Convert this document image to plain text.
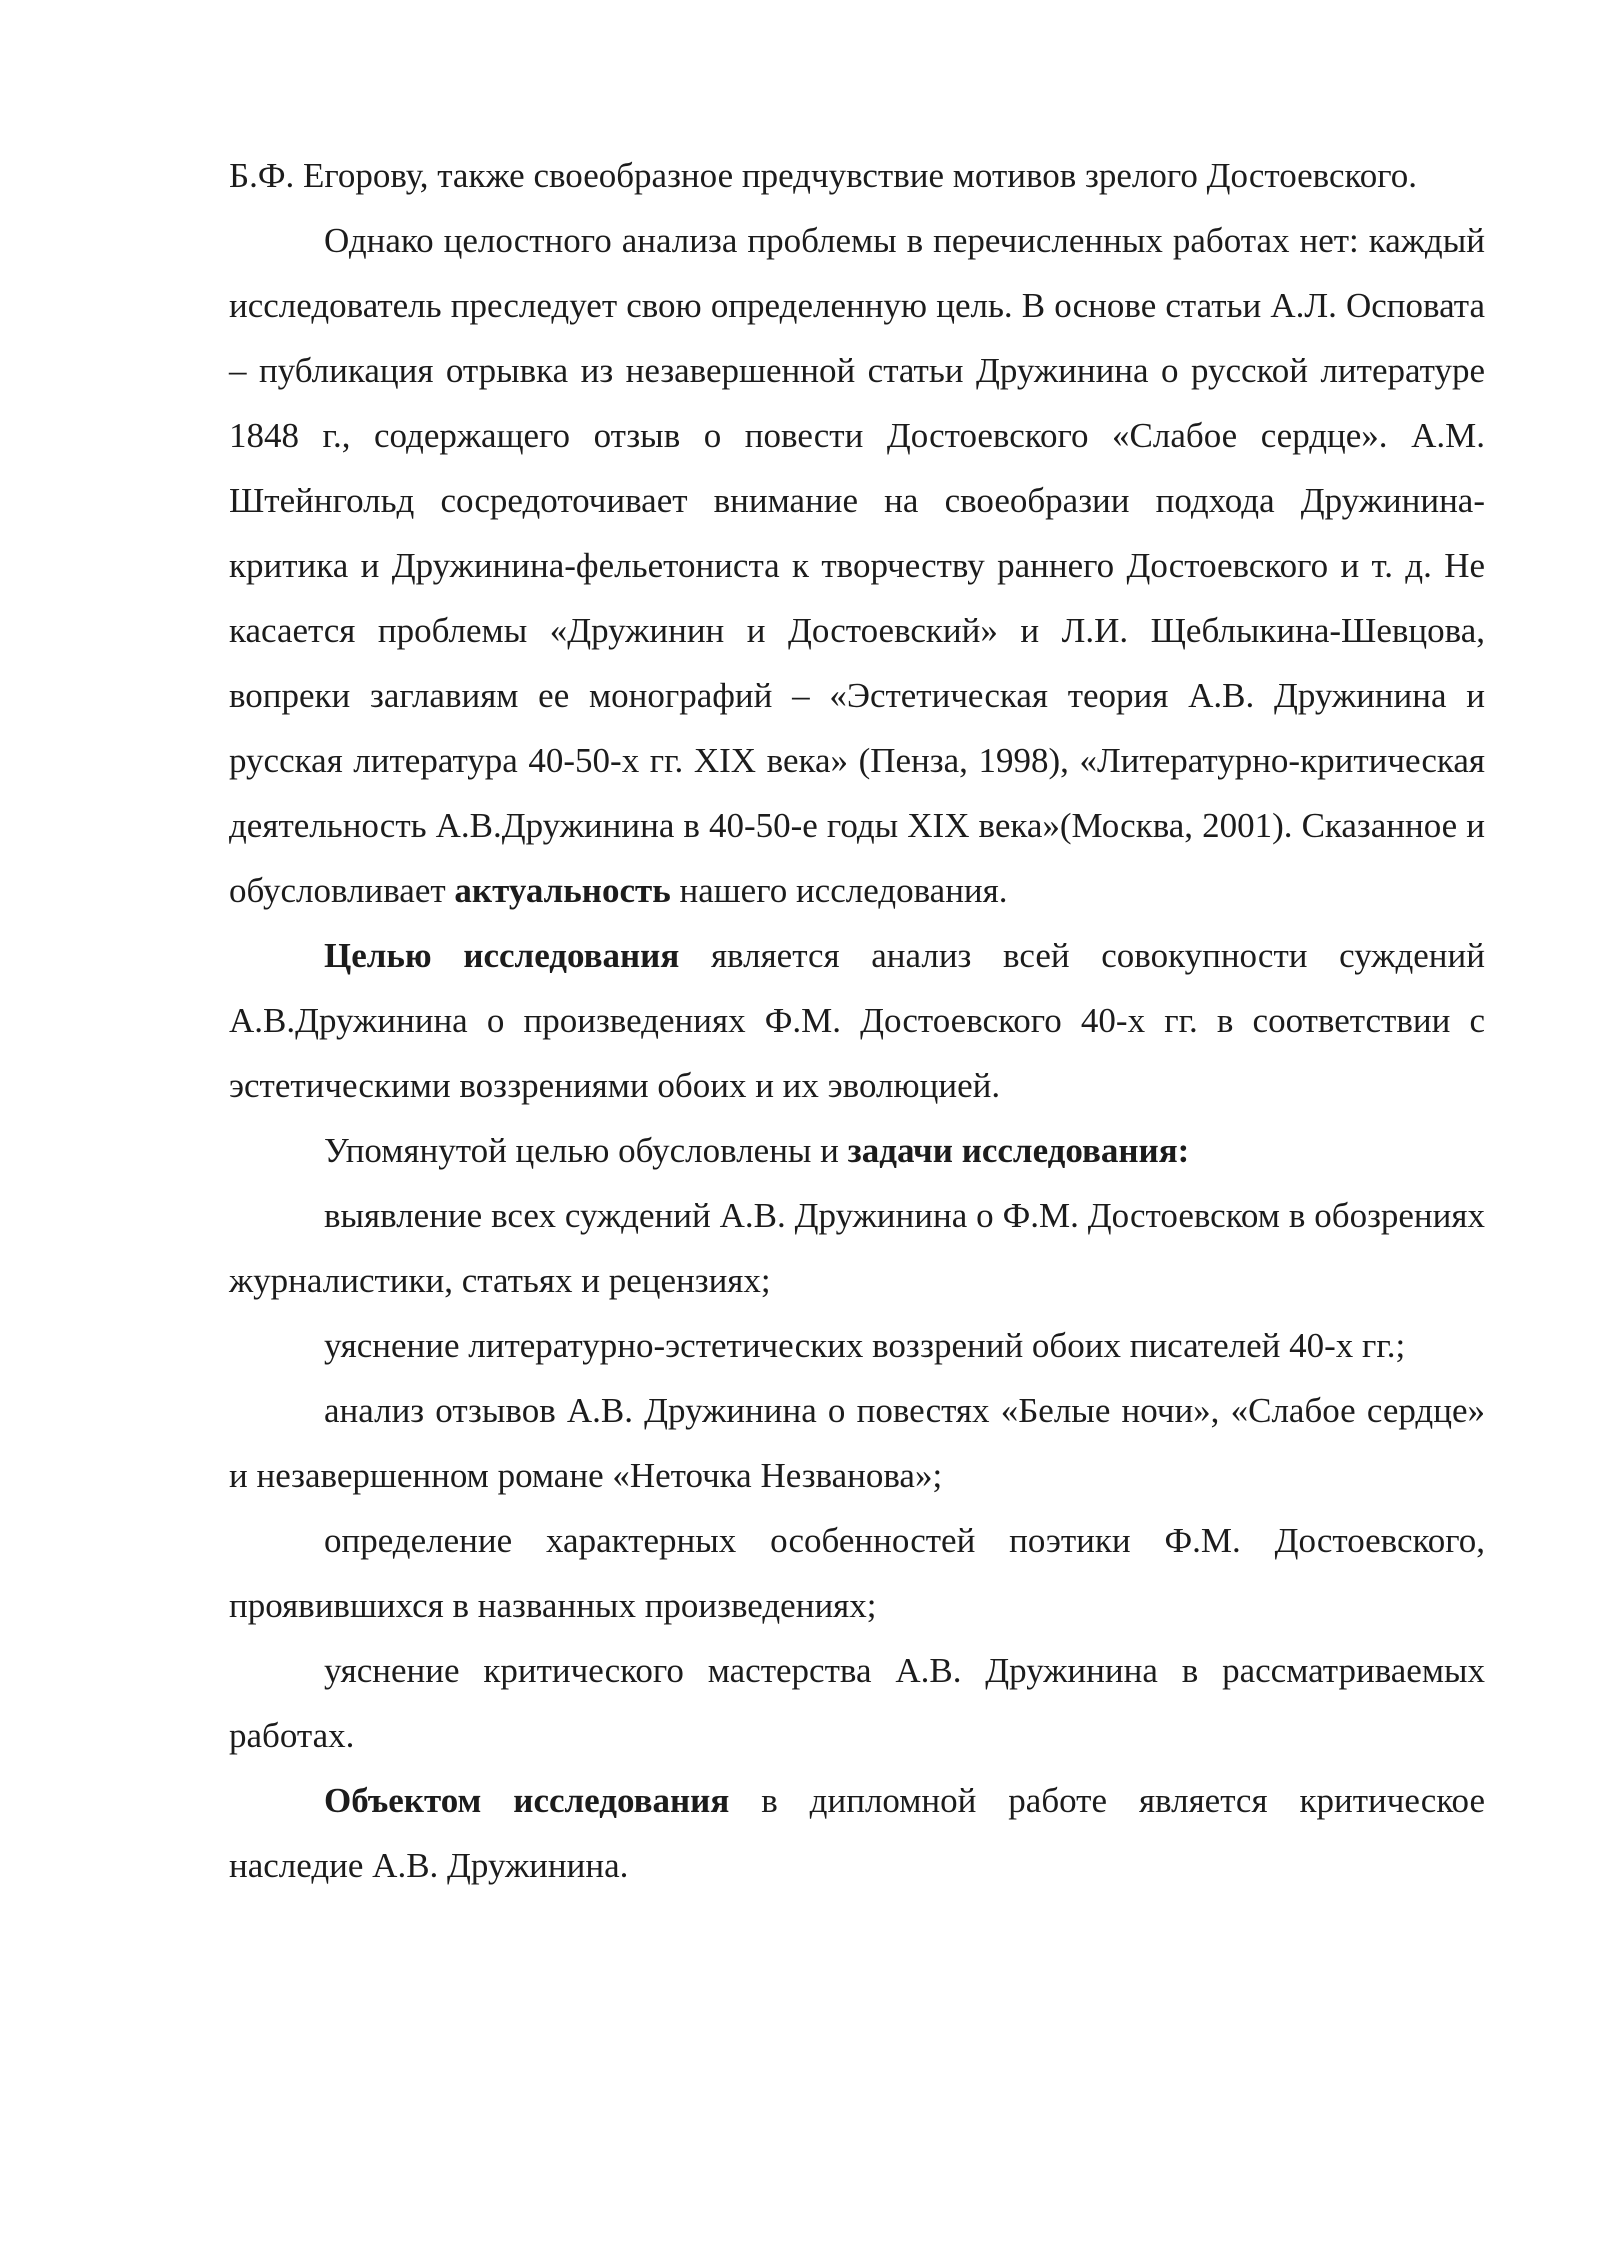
Б.Ф. Егорову, также своеобразное предчувствие мотивов зрелого Достоевского.

Однако целостного анализа проблемы в перечисленных работах нет: каждый исследователь преследует свою определенную цель. В основе статьи А.Л. Осповата – публикация отрывка из незавершенной статьи Дружинина о русской литературе 1848 г., содержащего отзыв о повести Достоевского «Слабое сердце». А.М. Штейнгольд сосредоточивает внимание на своеобразии подхода Дружинина-критика и Дружинина-фельетониста к творчеству раннего Достоевского и т. д. Не касается проблемы «Дружинин и Достоевский» и Л.И. Щеблыкина-Шевцова, вопреки заглавиям ее монографий – «Эстетическая теория А.В. Дружинина и русская литература 40-50-х гг. XIX века» (Пенза, 1998), «Литературно-критическая деятельность А.В.Дружинина в 40-50-е годы XIX века»(Москва, 2001). Сказанное и обусловливает актуальность нашего исследования.

Целью исследования является анализ всей совокупности суждений А.В.Дружинина о произведениях Ф.М. Достоевского 40-х гг. в соответствии с эстетическими воззрениями обоих и их эволюцией.

Упомянутой целью обусловлены и задачи исследования:

выявление всех суждений А.В. Дружинина о Ф.М. Достоевском в обозрениях журналистики, статьях и рецензиях;

уяснение литературно-эстетических воззрений обоих писателей 40-х гг.;

анализ отзывов А.В. Дружинина о повестях «Белые ночи», «Слабое сердце» и незавершенном романе «Неточка Незванова»;

определение характерных особенностей поэтики Ф.М. Достоевского, проявившихся в названных произведениях;

уяснение критического мастерства А.В. Дружинина в рассматриваемых работах.

Объектом исследования в дипломной работе является критическое наследие А.В. Дружинина.
